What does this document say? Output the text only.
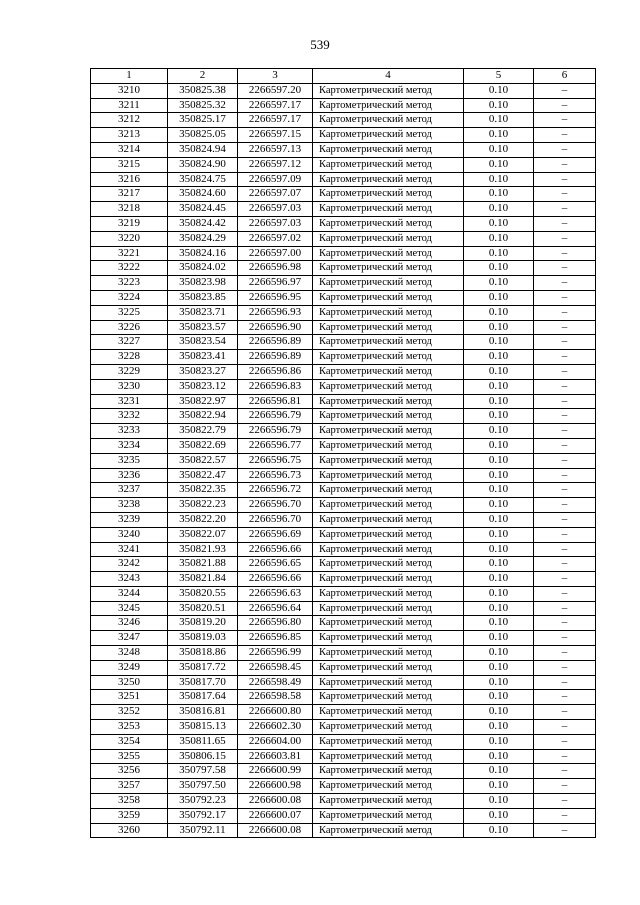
539
1	2	3	4	5	6
3210	350825.38	2266597.20	Картометрический метод	0.10	–
3211	350825.32	2266597.17	Картометрический метод	0.10	–
3212	350825.17	2266597.17	Картометрический метод	0.10	–
3213	350825.05	2266597.15	Картометрический метод	0.10	–
3214	350824.94	2266597.13	Картометрический метод	0.10	–
3215	350824.90	2266597.12	Картометрический метод	0.10	–
3216	350824.75	2266597.09	Картометрический метод	0.10	–
3217	350824.60	2266597.07	Картометрический метод	0.10	–
3218	350824.45	2266597.03	Картометрический метод	0.10	–
3219	350824.42	2266597.03	Картометрический метод	0.10	–
3220	350824.29	2266597.02	Картометрический метод	0.10	–
3221	350824.16	2266597.00	Картометрический метод	0.10	–
3222	350824.02	2266596.98	Картометрический метод	0.10	–
3223	350823.98	2266596.97	Картометрический метод	0.10	–
3224	350823.85	2266596.95	Картометрический метод	0.10	–
3225	350823.71	2266596.93	Картометрический метод	0.10	–
3226	350823.57	2266596.90	Картометрический метод	0.10	–
3227	350823.54	2266596.89	Картометрический метод	0.10	–
3228	350823.41	2266596.89	Картометрический метод	0.10	–
3229	350823.27	2266596.86	Картометрический метод	0.10	–
3230	350823.12	2266596.83	Картометрический метод	0.10	–
3231	350822.97	2266596.81	Картометрический метод	0.10	–
3232	350822.94	2266596.79	Картометрический метод	0.10	–
3233	350822.79	2266596.79	Картометрический метод	0.10	–
3234	350822.69	2266596.77	Картометрический метод	0.10	–
3235	350822.57	2266596.75	Картометрический метод	0.10	–
3236	350822.47	2266596.73	Картометрический метод	0.10	–
3237	350822.35	2266596.72	Картометрический метод	0.10	–
3238	350822.23	2266596.70	Картометрический метод	0.10	–
3239	350822.20	2266596.70	Картометрический метод	0.10	–
3240	350822.07	2266596.69	Картометрический метод	0.10	–
3241	350821.93	2266596.66	Картометрический метод	0.10	–
3242	350821.88	2266596.65	Картометрический метод	0.10	–
3243	350821.84	2266596.66	Картометрический метод	0.10	–
3244	350820.55	2266596.63	Картометрический метод	0.10	–
3245	350820.51	2266596.64	Картометрический метод	0.10	–
3246	350819.20	2266596.80	Картометрический метод	0.10	–
3247	350819.03	2266596.85	Картометрический метод	0.10	–
3248	350818.86	2266596.99	Картометрический метод	0.10	–
3249	350817.72	2266598.45	Картометрический метод	0.10	–
3250	350817.70	2266598.49	Картометрический метод	0.10	–
3251	350817.64	2266598.58	Картометрический метод	0.10	–
3252	350816.81	2266600.80	Картометрический метод	0.10	–
3253	350815.13	2266602.30	Картометрический метод	0.10	–
3254	350811.65	2266604.00	Картометрический метод	0.10	–
3255	350806.15	2266603.81	Картометрический метод	0.10	–
3256	350797.58	2266600.99	Картометрический метод	0.10	–
3257	350797.50	2266600.98	Картометрический метод	0.10	–
3258	350792.23	2266600.08	Картометрический метод	0.10	–
3259	350792.17	2266600.07	Картометрический метод	0.10	–
3260	350792.11	2266600.08	Картометрический метод	0.10	–
